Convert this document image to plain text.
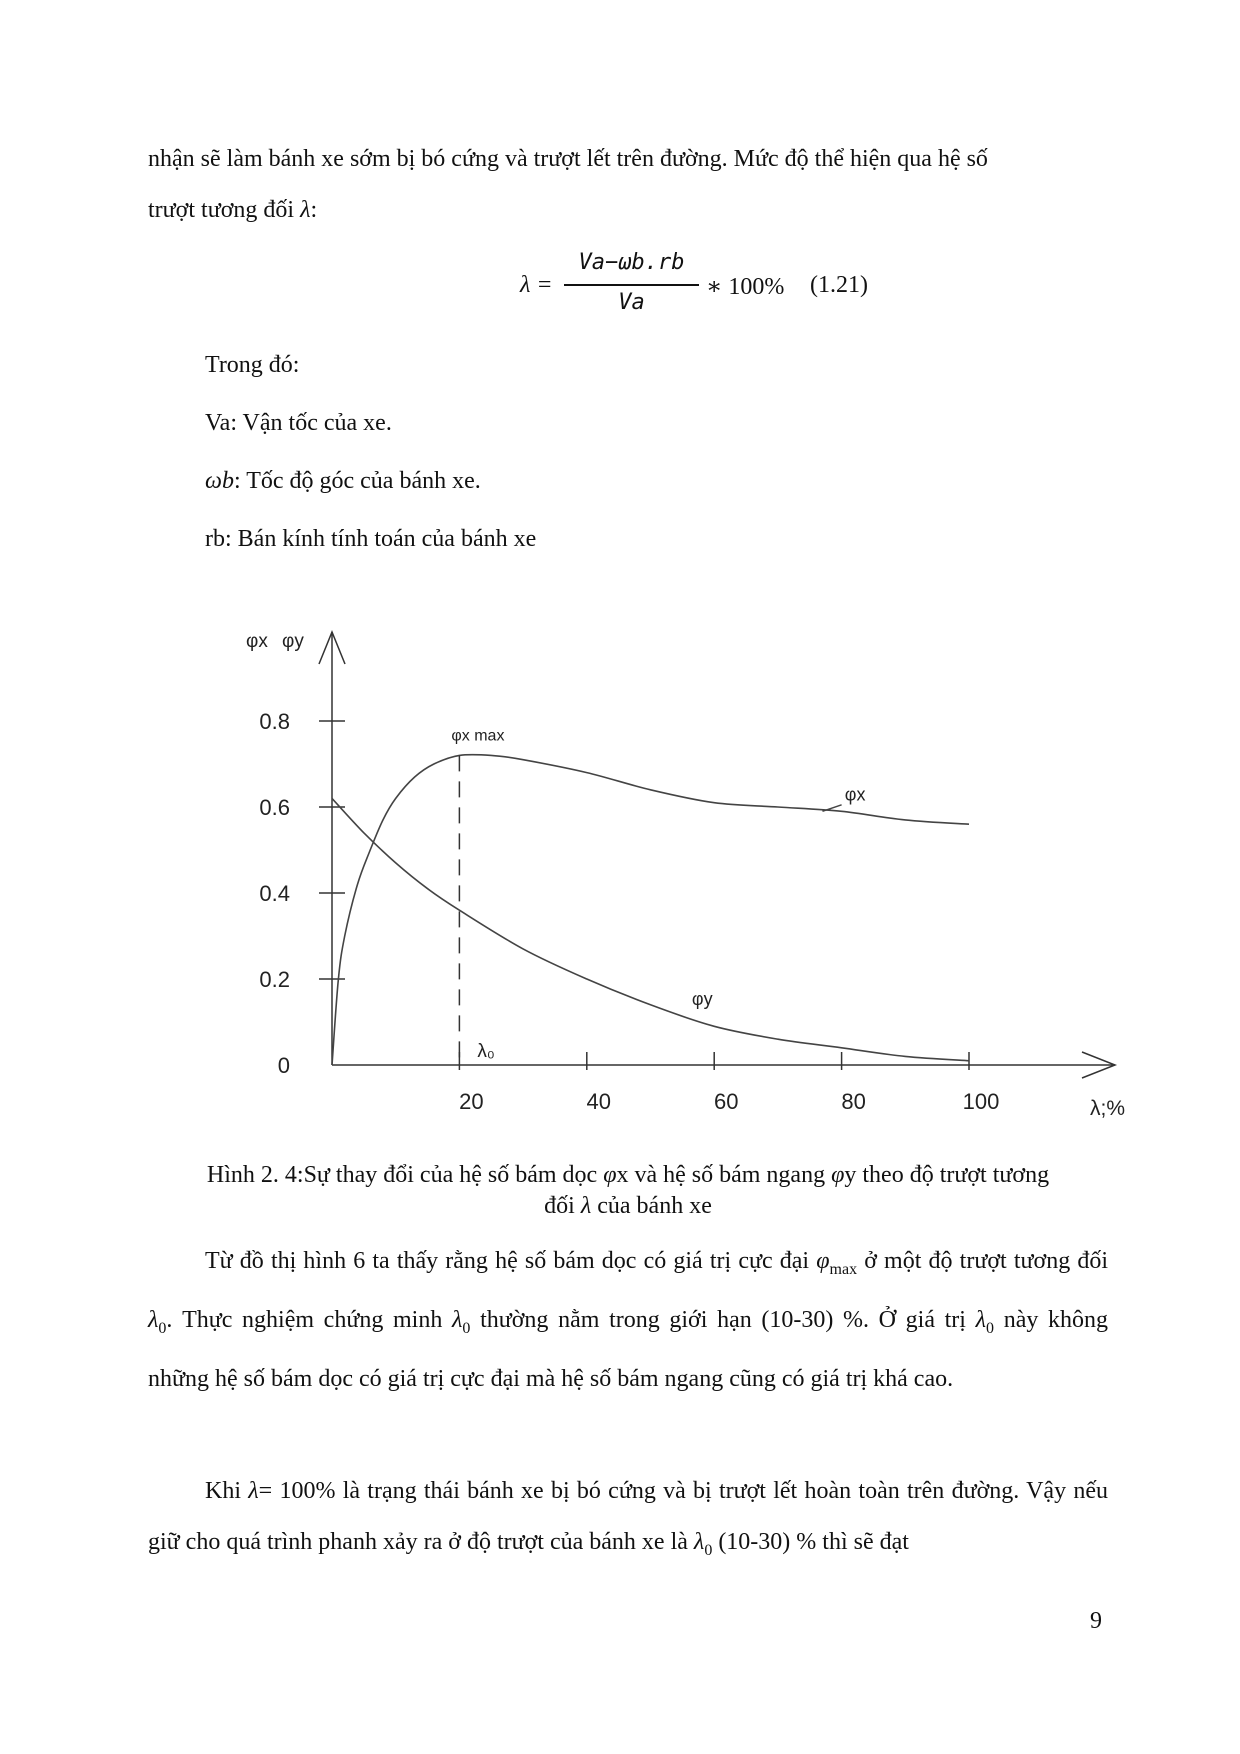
nhận sẽ làm bánh xe sớm bị bó cứng và trượt lết trên đường. Mức độ thể hiện qua hệ số
trượt tương đối λ:
λ =
Va−ωb.rb
Va
∗ 100% (1.21)
Trong đó:
Va: Vận tốc của xe.
ωb: Tốc độ góc của bánh xe.
rb: Bán kính tính toán của bánh xe
0.8
0.6
0.4
0.2
0
20	40	60	80	100
φx φy
λ;%
φx max
λ₀
φx
φy
Hình 2. 4:Sự thay đổi của hệ số bám dọc φx và hệ số bám ngang φy theo độ trượt tương
đối λ của bánh xe
Từ đồ thị hình 6 ta thấy rằng hệ số bám dọc có giá trị cực đại $\varphi_{max}$ ở một độ trượt tương đối $\lambda_0$. Thực nghiệm chứng minh $\lambda_0$ thường nằm trong giới hạn (10-30) %. Ở giá trị $\lambda_0$ này không những hệ số bám dọc có giá trị cực đại mà hệ số bám ngang cũng có giá trị khá cao.
Khi λ= 100% là trạng thái bánh xe bị bó cứng và bị trượt lết hoàn toàn trên đường. Vậy nếu giữ cho quá trình phanh xảy ra ở độ trượt của bánh xe là $\lambda_0$ (10-30) % thì sẽ đạt
9
